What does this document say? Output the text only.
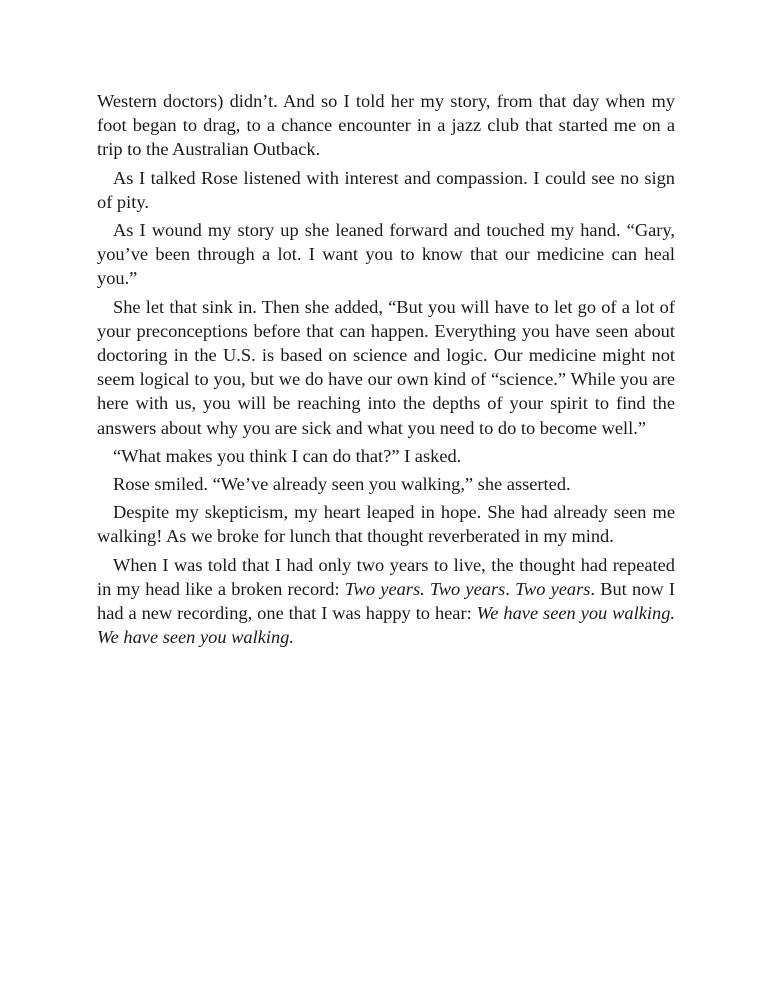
Western doctors) didn’t. And so I told her my story, from that day when my foot began to drag, to a chance encounter in a jazz club that started me on a trip to the Australian Outback.

As I talked Rose listened with interest and compassion. I could see no sign of pity.

As I wound my story up she leaned forward and touched my hand. “Gary, you’ve been through a lot. I want you to know that our medicine can heal you.”

She let that sink in. Then she added, “But you will have to let go of a lot of your preconceptions before that can happen. Everything you have seen about doctoring in the U.S. is based on science and logic. Our medicine might not seem logical to you, but we do have our own kind of “science.” While you are here with us, you will be reaching into the depths of your spirit to find the answers about why you are sick and what you need to do to become well.”

“What makes you think I can do that?” I asked.

Rose smiled. “We’ve already seen you walking,” she asserted.

Despite my skepticism, my heart leaped in hope. She had already seen me walking! As we broke for lunch that thought reverberated in my mind.

When I was told that I had only two years to live, the thought had repeated in my head like a broken record: Two years. Two years. Two years. But now I had a new recording, one that I was happy to hear: We have seen you walking. We have seen you walking.
